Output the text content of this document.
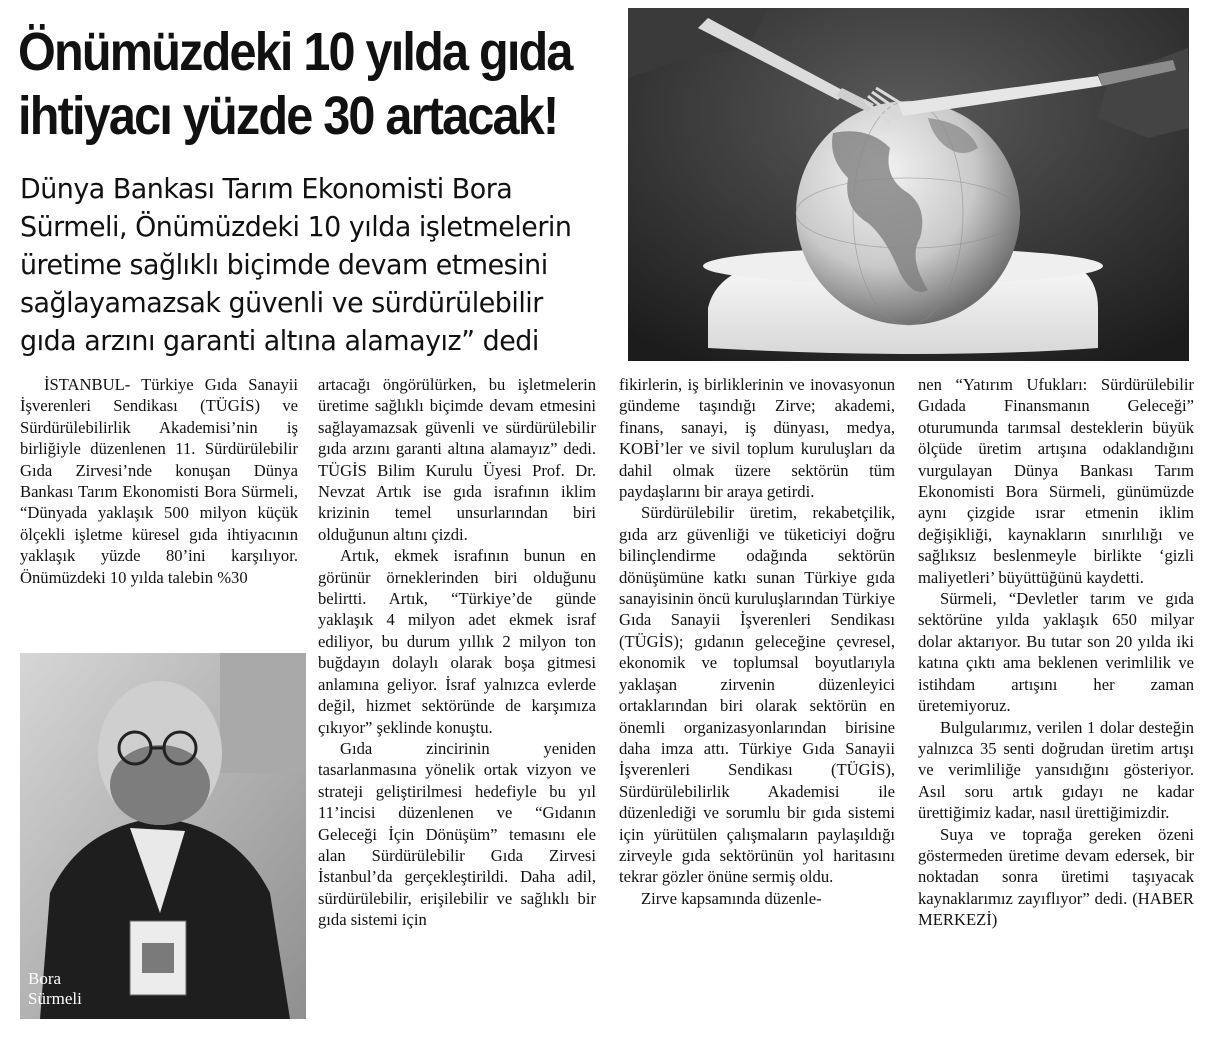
Önümüzdeki 10 yılda gıda
ihtiyacı yüzde 30 artacak!
Dünya Bankası Tarım Ekonomisti Bora
Sürmeli, Önümüzdeki 10 yılda işletmelerin
üretime sağlıklı biçimde devam etmesini
sağlayamazsak güvenli ve sürdürülebilir
gıda arzını garanti altına alamayız” dedi
Bora Sürmeli

İSTANBUL- Türkiye Gıda Sanayii İşverenleri Sendikası (TÜGİS) ve Sürdürülebilirlik Akademisi’nin iş birliğiyle düzenlenen 11. Sürdürülebilir Gıda Zirvesi’nde konuşan Dünya Bankası Tarım Ekonomisti Bora Sürmeli, “Dünyada yaklaşık 500 milyon küçük ölçekli işletme küresel gıda ihtiyacının yaklaşık yüzde 80’ini karşılıyor. Önümüzdeki 10 yılda talebin %30

artacağı öngörülürken, bu işletmelerin üretime sağlıklı biçimde devam etmesini sağlayamazsak güvenli ve sürdürülebilir gıda arzını garanti altına alamayız” dedi. TÜGİS Bilim Kurulu Üyesi Prof. Dr. Nevzat Artık ise gıda israfının iklim krizinin temel unsurlarından biri olduğunun altını çizdi.

Artık, ekmek israfının bunun en görünür örneklerinden biri olduğunu belirtti. Artık, “Türkiye’de günde yaklaşık 4 milyon adet ekmek israf ediliyor, bu durum yıllık 2 milyon ton buğdayın dolaylı olarak boşa gitmesi anlamına geliyor. İsraf yalnızca evlerde değil, hizmet sektöründe de karşımıza çıkıyor” şeklinde konuştu.

Gıda zincirinin yeniden tasarlanmasına yönelik ortak vizyon ve strateji geliştirilmesi hedefiyle bu yıl 11’incisi düzenlenen ve “Gıdanın Geleceği İçin Dönüşüm” temasını ele alan Sürdürülebilir Gıda Zirvesi İstanbul’da gerçekleştirildi. Daha adil, sürdürülebilir, erişilebilir ve sağlıklı bir gıda sistemi için

fikirlerin, iş birliklerinin ve inovasyonun gündeme taşındığı Zirve; akademi, finans, sanayi, iş dünyası, medya, KOBİ’ler ve sivil toplum kuruluşları da dahil olmak üzere sektörün tüm paydaşlarını bir araya getirdi.

Sürdürülebilir üretim, rekabetçilik, gıda arz güvenliği ve tüketiciyi doğru bilinçlendirme odağında sektörün dönüşümüne katkı sunan Türkiye gıda sanayisinin öncü kuruluşlarından Türkiye Gıda Sanayii İşverenleri Sendikası (TÜGİS); gıdanın geleceğine çevresel, ekonomik ve toplumsal boyutlarıyla yaklaşan zirvenin düzenleyici ortaklarından biri olarak sektörün en önemli organizasyonlarından birisine daha imza attı. Türkiye Gıda Sanayii İşverenleri Sendikası (TÜGİS), Sürdürülebilirlik Akademisi ile düzenlediği ve sorumlu bir gıda sistemi için yürütülen çalışmaların paylaşıldığı zirveyle gıda sektörünün yol haritasını tekrar gözler önüne sermiş oldu.

Zirve kapsamında düzenle-

nen “Yatırım Ufukları: Sürdürülebilir Gıdada Finansmanın Geleceği” oturumunda tarımsal desteklerin büyük ölçüde üretim artışına odaklandığını vurgulayan Dünya Bankası Tarım Ekonomisti Bora Sürmeli, günümüzde aynı çizgide ısrar etmenin iklim değişikliği, kaynakların sınırlılığı ve sağlıksız beslenmeyle birlikte ‘gizli maliyetleri’ büyüttüğünü kaydetti.

Sürmeli, “Devletler tarım ve gıda sektörüne yılda yaklaşık 650 milyar dolar aktarıyor. Bu tutar son 20 yılda iki katına çıktı ama beklenen verimlilik ve istihdam artışını her zaman üretemiyoruz.

Bulgularımız, verilen 1 dolar desteğin yalnızca 35 senti doğrudan üretim artışı ve verimliliğe yansıdığını gösteriyor. Asıl soru artık gıdayı ne kadar ürettiğimiz kadar, nasıl ürettiğimizdir.

Suya ve toprağa gereken özeni göstermeden üretime devam edersek, bir noktadan sonra üretimi taşıyacak kaynaklarımız zayıflıyor” dedi. (HABER MERKEZİ)
